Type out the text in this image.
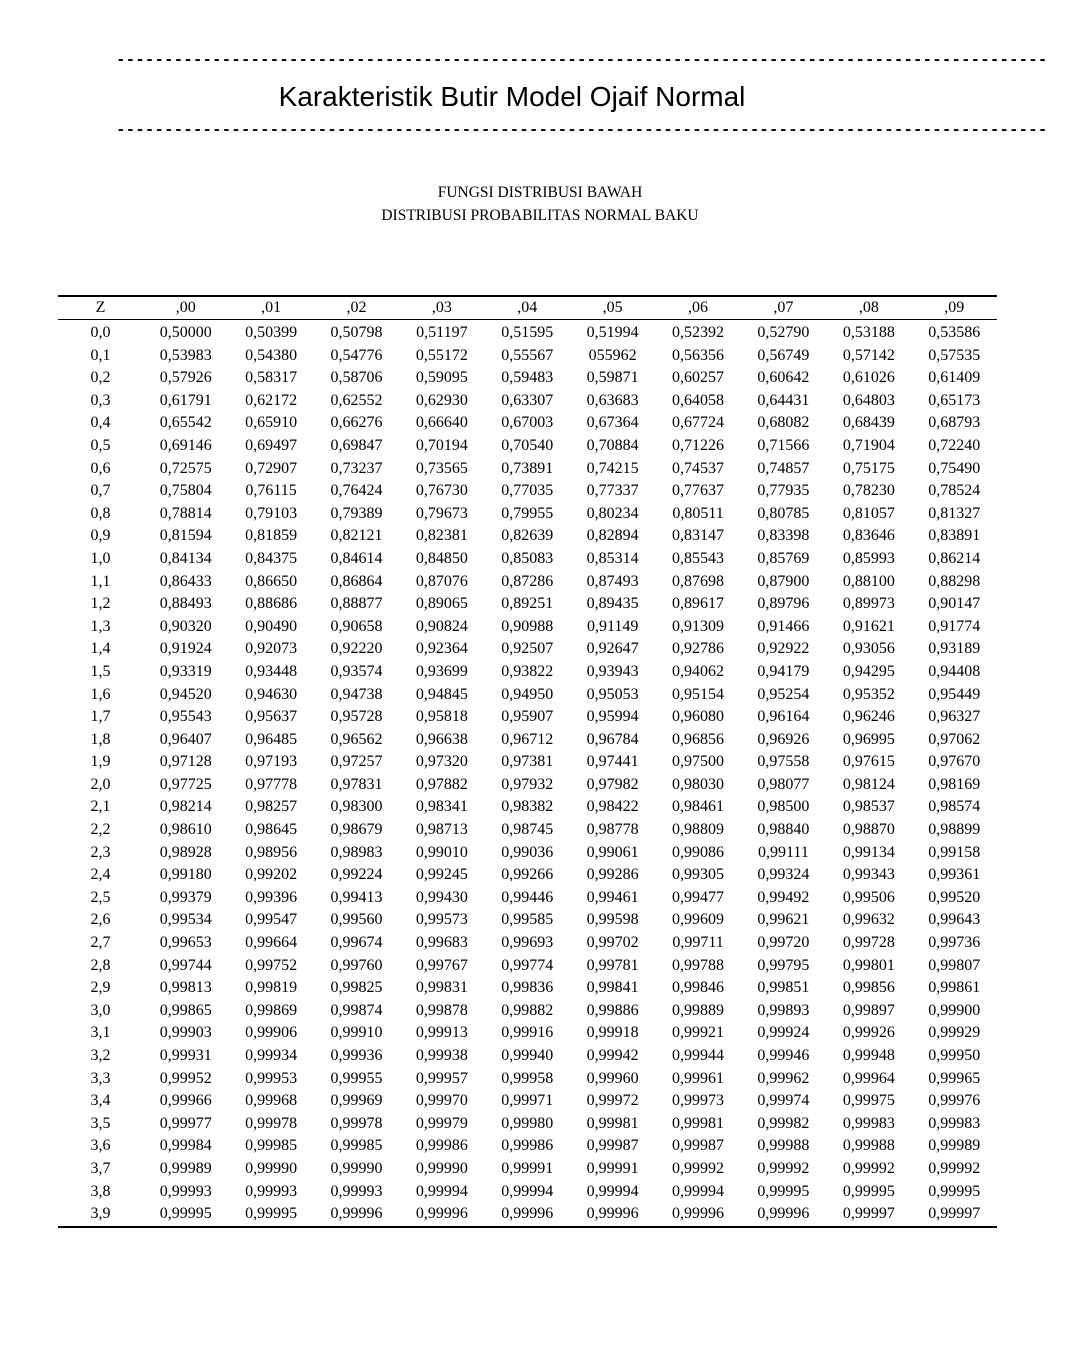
-------------------------------------------------------------------------------------------------
Karakteristik Butir Model Ojaif Normal
-------------------------------------------------------------------------------------------------
FUNGSI DISTRIBUSI BAWAH
DISTRIBUSI PROBABILITAS NORMAL BAKU
Z	,00	,01	,02	,03	,04	,05	,06	,07	,08	,09
0,0	0,50000	0,50399	0,50798	0,51197	0,51595	0,51994	0,52392	0,52790	0,53188	0,53586
0,1	0,53983	0,54380	0,54776	0,55172	0,55567	055962	0,56356	0,56749	0,57142	0,57535
0,2	0,57926	0,58317	0,58706	0,59095	0,59483	0,59871	0,60257	0,60642	0,61026	0,61409
0,3	0,61791	0,62172	0,62552	0,62930	0,63307	0,63683	0,64058	0,64431	0,64803	0,65173
0,4	0,65542	0,65910	0,66276	0,66640	0,67003	0,67364	0,67724	0,68082	0,68439	0,68793
0,5	0,69146	0,69497	0,69847	0,70194	0,70540	0,70884	0,71226	0,71566	0,71904	0,72240
0,6	0,72575	0,72907	0,73237	0,73565	0,73891	0,74215	0,74537	0,74857	0,75175	0,75490
0,7	0,75804	0,76115	0,76424	0,76730	0,77035	0,77337	0,77637	0,77935	0,78230	0,78524
0,8	0,78814	0,79103	0,79389	0,79673	0,79955	0,80234	0,80511	0,80785	0,81057	0,81327
0,9	0,81594	0,81859	0,82121	0,82381	0,82639	0,82894	0,83147	0,83398	0,83646	0,83891
1,0	0,84134	0,84375	0,84614	0,84850	0,85083	0,85314	0,85543	0,85769	0,85993	0,86214
1,1	0,86433	0,86650	0,86864	0,87076	0,87286	0,87493	0,87698	0,87900	0,88100	0,88298
1,2	0,88493	0,88686	0,88877	0,89065	0,89251	0,89435	0,89617	0,89796	0,89973	0,90147
1,3	0,90320	0,90490	0,90658	0,90824	0,90988	0,91149	0,91309	0,91466	0,91621	0,91774
1,4	0,91924	0,92073	0,92220	0,92364	0,92507	0,92647	0,92786	0,92922	0,93056	0,93189
1,5	0,93319	0,93448	0,93574	0,93699	0,93822	0,93943	0,94062	0,94179	0,94295	0,94408
1,6	0,94520	0,94630	0,94738	0,94845	0,94950	0,95053	0,95154	0,95254	0,95352	0,95449
1,7	0,95543	0,95637	0,95728	0,95818	0,95907	0,95994	0,96080	0,96164	0,96246	0,96327
1,8	0,96407	0,96485	0,96562	0,96638	0,96712	0,96784	0,96856	0,96926	0,96995	0,97062
1,9	0,97128	0,97193	0,97257	0,97320	0,97381	0,97441	0,97500	0,97558	0,97615	0,97670
2,0	0,97725	0,97778	0,97831	0,97882	0,97932	0,97982	0,98030	0,98077	0,98124	0,98169
2,1	0,98214	0,98257	0,98300	0,98341	0,98382	0,98422	0,98461	0,98500	0,98537	0,98574
2,2	0,98610	0,98645	0,98679	0,98713	0,98745	0,98778	0,98809	0,98840	0,98870	0,98899
2,3	0,98928	0,98956	0,98983	0,99010	0,99036	0,99061	0,99086	0,99111	0,99134	0,99158
2,4	0,99180	0,99202	0,99224	0,99245	0,99266	0,99286	0,99305	0,99324	0,99343	0,99361
2,5	0,99379	0,99396	0,99413	0,99430	0,99446	0,99461	0,99477	0,99492	0,99506	0,99520
2,6	0,99534	0,99547	0,99560	0,99573	0,99585	0,99598	0,99609	0,99621	0,99632	0,99643
2,7	0,99653	0,99664	0,99674	0,99683	0,99693	0,99702	0,99711	0,99720	0,99728	0,99736
2,8	0,99744	0,99752	0,99760	0,99767	0,99774	0,99781	0,99788	0,99795	0,99801	0,99807
2,9	0,99813	0,99819	0,99825	0,99831	0,99836	0,99841	0,99846	0,99851	0,99856	0,99861
3,0	0,99865	0,99869	0,99874	0,99878	0,99882	0,99886	0,99889	0,99893	0,99897	0,99900
3,1	0,99903	0,99906	0,99910	0,99913	0,99916	0,99918	0,99921	0,99924	0,99926	0,99929
3,2	0,99931	0,99934	0,99936	0,99938	0,99940	0,99942	0,99944	0,99946	0,99948	0,99950
3,3	0,99952	0,99953	0,99955	0,99957	0,99958	0,99960	0,99961	0,99962	0,99964	0,99965
3,4	0,99966	0,99968	0,99969	0,99970	0,99971	0,99972	0,99973	0,99974	0,99975	0,99976
3,5	0,99977	0,99978	0,99978	0,99979	0,99980	0,99981	0,99981	0,99982	0,99983	0,99983
3,6	0,99984	0,99985	0,99985	0,99986	0,99986	0,99987	0,99987	0,99988	0,99988	0,99989
3,7	0,99989	0,99990	0,99990	0,99990	0,99991	0,99991	0,99992	0,99992	0,99992	0,99992
3,8	0,99993	0,99993	0,99993	0,99994	0,99994	0,99994	0,99994	0,99995	0,99995	0,99995
3,9	0,99995	0,99995	0,99996	0,99996	0,99996	0,99996	0,99996	0,99996	0,99997	0,99997
